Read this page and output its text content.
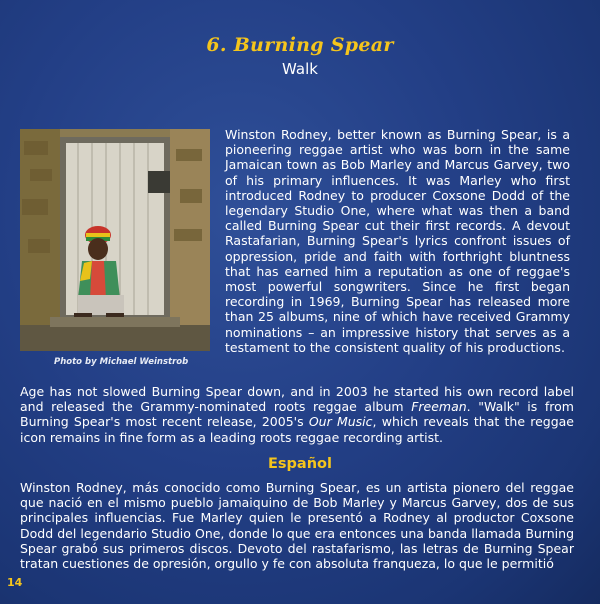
6. Burning Spear
Walk
Photo by Michael Weinstrob

Winston Rodney, better known as Burning Spear, is a pioneering reggae artist who was born in the same Jamaican town as Bob Marley and Marcus Garvey, two of his primary influences. It was Marley who first introduced Rodney to producer Coxsone Dodd of the legendary Studio One, where what was then a band called Burning Spear cut their first records. A devout Rastafarian, Burning Spear's lyrics confront issues of oppression, pride and faith with forthright bluntness that has earned him a reputation as one of reggae's most powerful songwriters. Since he first began recording in 1969, Burning Spear has released more than 25 albums, nine of which have received Grammy nominations – an impressive history that serves as a testament to the consistent quality of his productions.

Age has not slowed Burning Spear down, and in 2003 he started his own record label and released the Grammy-nominated roots reggae album Freeman. "Walk" is from Burning Spear's most recent release, 2005's Our Music, which reveals that the reggae icon remains in fine form as a leading roots reggae recording artist.

Español

Winston Rodney, más conocido como Burning Spear, es un artista pionero del reggae que nació en el mismo pueblo jamaiquino de Bob Marley y Marcus Garvey, dos de sus principales influencias. Fue Marley quien le presentó a Rodney al productor Coxsone Dodd del legendario Studio One, donde lo que era entonces una banda llamada Burning Spear grabó sus primeros discos. Devoto del rastafarismo, las letras de Burning Spear tratan cuestiones de opresión, orgullo y fe con absoluta franqueza, lo que le permitió

14
